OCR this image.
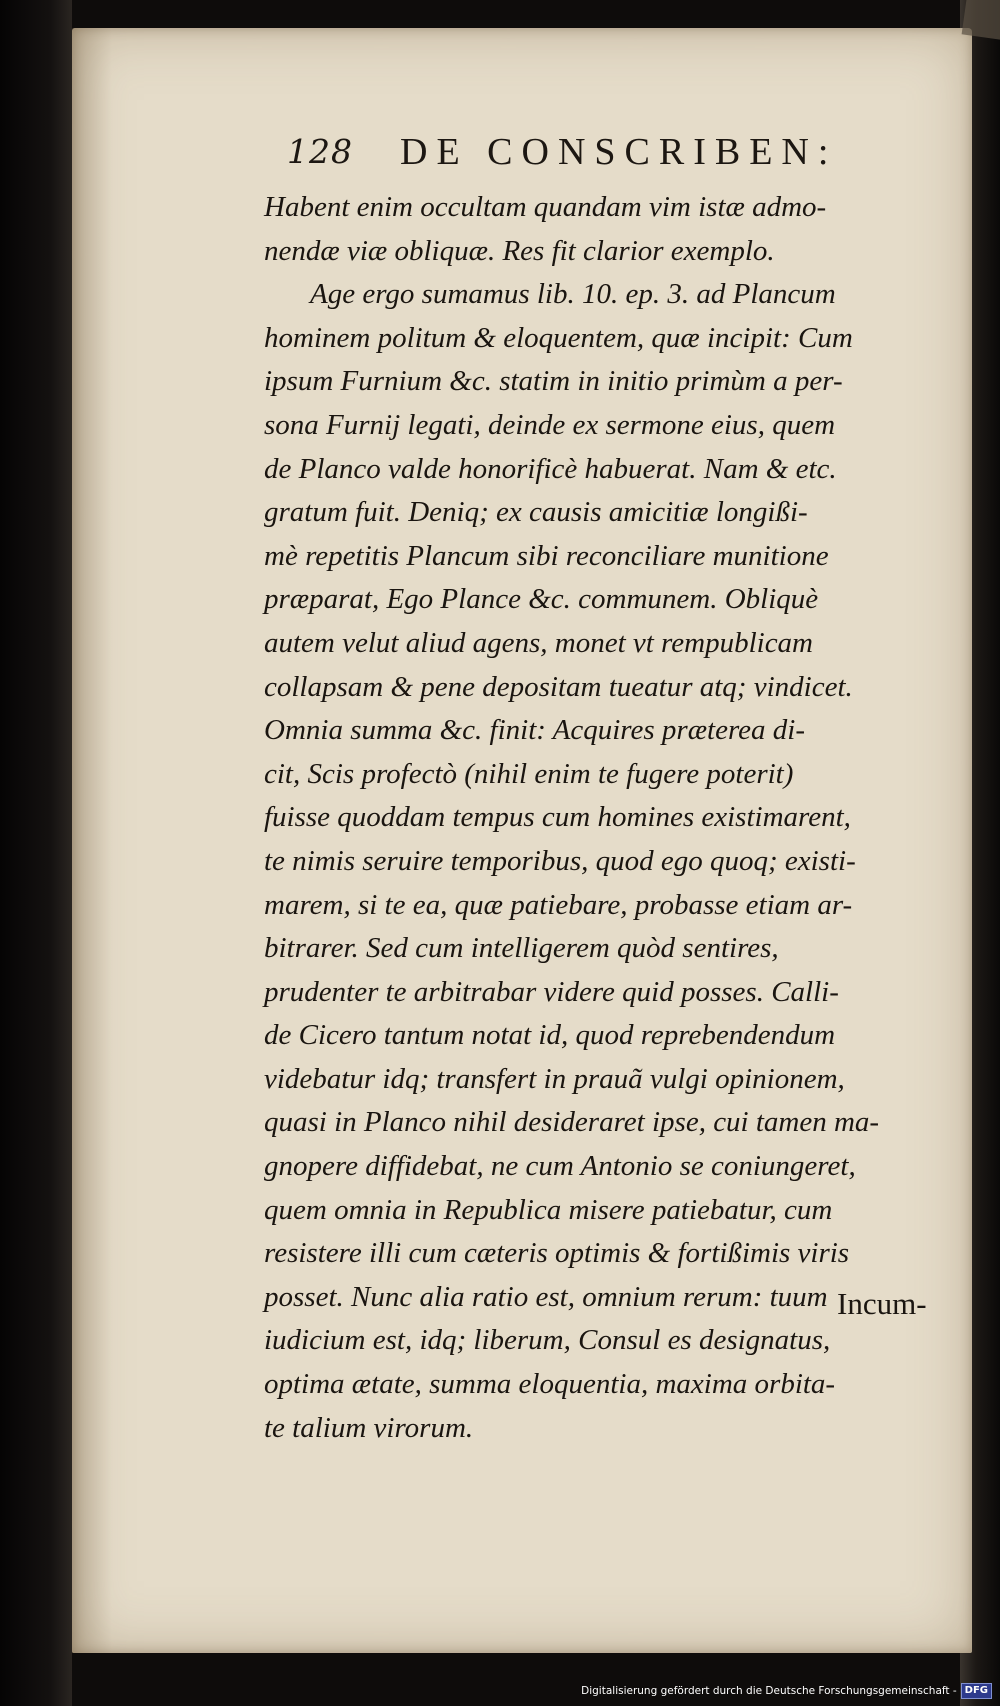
128 DE CONSCRIBEN:
Habent enim occultam quandam vim istæ admo-
nendæ viæ obliquæ. Res fit clarior exemplo.
Age ergo sumamus lib. 10. ep. 3. ad Plancum
hominem politum & eloquentem, quæ incipit: Cum
ipsum Furnium &c. statim in initio primùm a per-
sona Furnij legati, deinde ex sermone eius, quem
de Planco valde honorificè habuerat. Nam & etc.
gratum fuit. Deniq; ex causis amicitiæ longißi-
mè repetitis Plancum sibi reconciliare munitione
præparat, Ego Plance &c. communem. Obliquè
autem velut aliud agens, monet vt rempublicam
collapsam & pene depositam tueatur atq; vindicet.
Omnia summa &c. finit: Acquires præterea di-
cit, Scis profectò (nihil enim te fugere poterit)
fuisse quoddam tempus cum homines existimarent,
te nimis seruire temporibus, quod ego quoq; existi-
marem, si te ea, quæ patiebare, probasse etiam ar-
bitrarer. Sed cum intelligerem quòd sentires,
prudenter te arbitrabar videre quid posses. Calli-
de Cicero tantum notat id, quod reprebendendum
videbatur idq; transfert in prauã vulgi opinionem,
quasi in Planco nihil desideraret ipse, cui tamen ma-
gnopere diffidebat, ne cum Antonio se coniungeret,
quem omnia in Republica misere patiebatur, cum
resistere illi cum cæteris optimis & fortißimis viris
posset. Nunc alia ratio est, omnium rerum: tuum
iudicium est, idq; liberum, Consul es designatus,
optima ætate, summa eloquentia, maxima orbita-
te talium virorum.
Incum-
Digitalisierung gefördert durch die Deutsche Forschungsgemeinschaft - DFG
